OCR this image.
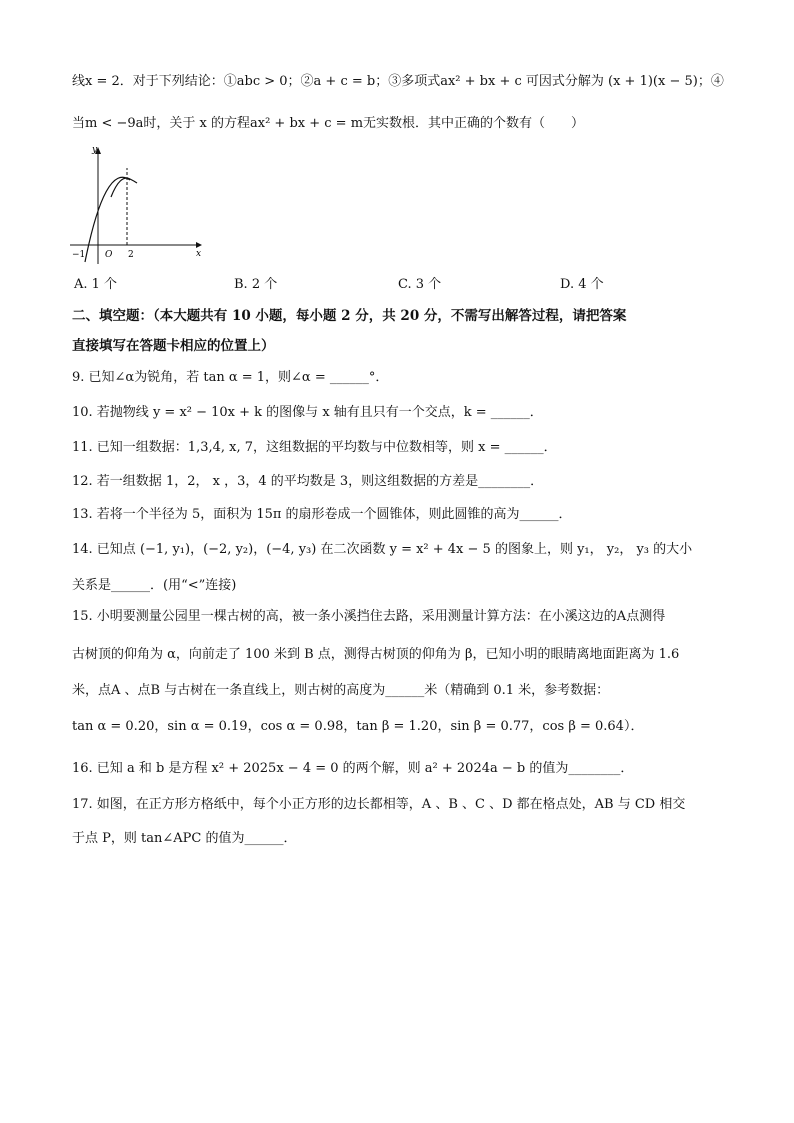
线x = 2．对于下列结论：①abc > 0；②a + c = b；③多项式ax² + bx + c 可因式分解为 (x + 1)(x − 5)；④
当m < −9a时，关于 x 的方程ax² + bx + c = m无实数根．其中正确的个数有（　　）
y
x
O
−1	2
A. 1 个	B. 2 个	C. 3 个	D. 4 个
二、填空题：（本大题共有 10 小题，每小题 2 分，共 20 分，不需写出解答过程，请把答案
直接填写在答题卡相应的位置上）
9. 已知∠α为锐角，若 tan α = 1，则∠α = ______°．
10. 若抛物线 y = x² − 10x + k 的图像与 x 轴有且只有一个交点，k = ______．
11. 已知一组数据：1,3,4, x, 7，这组数据的平均数与中位数相等，则 x = ______．
12. 若一组数据 1，2， x ，3，4 的平均数是 3，则这组数据的方差是________．
13. 若将一个半径为 5，面积为 15π 的扇形卷成一个圆锥体，则此圆锥的高为______．
14. 已知点 (−1, y₁)，(−2, y₂)，(−4, y₃) 在二次函数 y = x² + 4x − 5 的图象上，则 y₁， y₂， y₃ 的大小
关系是______．(用“<”连接)
15. 小明要测量公园里一棵古树的高，被一条小溪挡住去路，采用测量计算方法：在小溪这边的A点测得
古树顶的仰角为 α，向前走了 100 米到 B 点，测得古树顶的仰角为 β，已知小明的眼睛离地面距离为 1.6
米，点A 、点B 与古树在一条直线上，则古树的高度为______米（精确到 0.1 米，参考数据：
tan α = 0.20，sin α = 0.19，cos α = 0.98，tan β = 1.20，sin β = 0.77，cos β = 0.64）．
16. 已知 a 和 b 是方程 x² + 2025x − 4 = 0 的两个解，则 a² + 2024a − b 的值为________．
17. 如图，在正方形方格纸中，每个小正方形的边长都相等，A 、B 、C 、D 都在格点处，AB 与 CD 相交
于点 P，则 tan∠APC 的值为______．
